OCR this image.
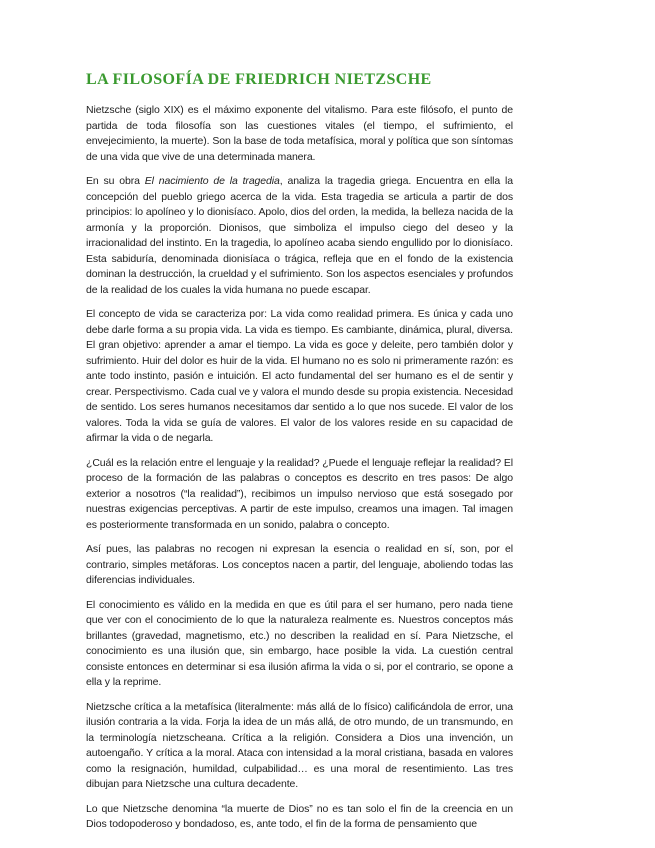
LA FILOSOFÍA DE FRIEDRICH NIETZSCHE

Nietzsche (siglo XIX) es el máximo exponente del vitalismo. Para este filósofo, el punto de partida de toda filosofía son las cuestiones vitales (el tiempo, el sufrimiento, el envejecimiento, la muerte). Son la base de toda metafísica, moral y política que son síntomas de una vida que vive de una determinada manera.

En su obra El nacimiento de la tragedia, analiza la tragedia griega. Encuentra en ella la concepción del pueblo griego acerca de la vida. Esta tragedia se articula a partir de dos principios: lo apolíneo y lo dionisíaco. Apolo, dios del orden, la medida, la belleza nacida de la armonía y la proporción. Dionisos, que simboliza el impulso ciego del deseo y la irracionalidad del instinto. En la tragedia, lo apolíneo acaba siendo engullido por lo dionisíaco. Esta sabiduría, denominada dionisíaca o trágica, refleja que en el fondo de la existencia dominan la destrucción, la crueldad y el sufrimiento. Son los aspectos esenciales y profundos de la realidad de los cuales la vida humana no puede escapar.

El concepto de vida se caracteriza por: La vida como realidad primera. Es única y cada uno debe darle forma a su propia vida. La vida es tiempo. Es cambiante, dinámica, plural, diversa. El gran objetivo: aprender a amar el tiempo. La vida es goce y deleite, pero también dolor y sufrimiento. Huir del dolor es huir de la vida. El humano no es solo ni primeramente razón: es ante todo instinto, pasión e intuición. El acto fundamental del ser humano es el de sentir y crear. Perspectivismo. Cada cual ve y valora el mundo desde su propia existencia. Necesidad de sentido. Los seres humanos necesitamos dar sentido a lo que nos sucede. El valor de los valores. Toda la vida se guía de valores. El valor de los valores reside en su capacidad de afirmar la vida o de negarla.

¿Cuál es la relación entre el lenguaje y la realidad? ¿Puede el lenguaje reflejar la realidad? El proceso de la formación de las palabras o conceptos es descrito en tres pasos: De algo exterior a nosotros (“la realidad”), recibimos un impulso nervioso que está sosegado por nuestras exigencias perceptivas. A partir de este impulso, creamos una imagen. Tal imagen es posteriormente transformada en un sonido, palabra o concepto.

Así pues, las palabras no recogen ni expresan la esencia o realidad en sí, son, por el contrario, simples metáforas. Los conceptos nacen a partir, del lenguaje, aboliendo todas las diferencias individuales.

El conocimiento es válido en la medida en que es útil para el ser humano, pero nada tiene que ver con el conocimiento de lo que la naturaleza realmente es. Nuestros conceptos más brillantes (gravedad, magnetismo, etc.) no describen la realidad en sí. Para Nietzsche, el conocimiento es una ilusión que, sin embargo, hace posible la vida. La cuestión central consiste entonces en determinar si esa ilusión afirma la vida o si, por el contrario, se opone a ella y la reprime.

Nietzsche crítica a la metafísica (literalmente: más allá de lo físico) calificándola de error, una ilusión contraria a la vida. Forja la idea de un más allá, de otro mundo, de un transmundo, en la terminología nietzscheana. Crítica a la religión. Considera a Dios una invención, un autoengaño. Y crítica a la moral. Ataca con intensidad a la moral cristiana, basada en valores como la resignación, humildad, culpabilidad… es una moral de resentimiento. Las tres dibujan para Nietzsche una cultura decadente.

Lo que Nietzsche denomina “la muerte de Dios” no es tan solo el fin de la creencia en un Dios todopoderoso y bondadoso, es, ante todo, el fin de la forma de pensamiento que
